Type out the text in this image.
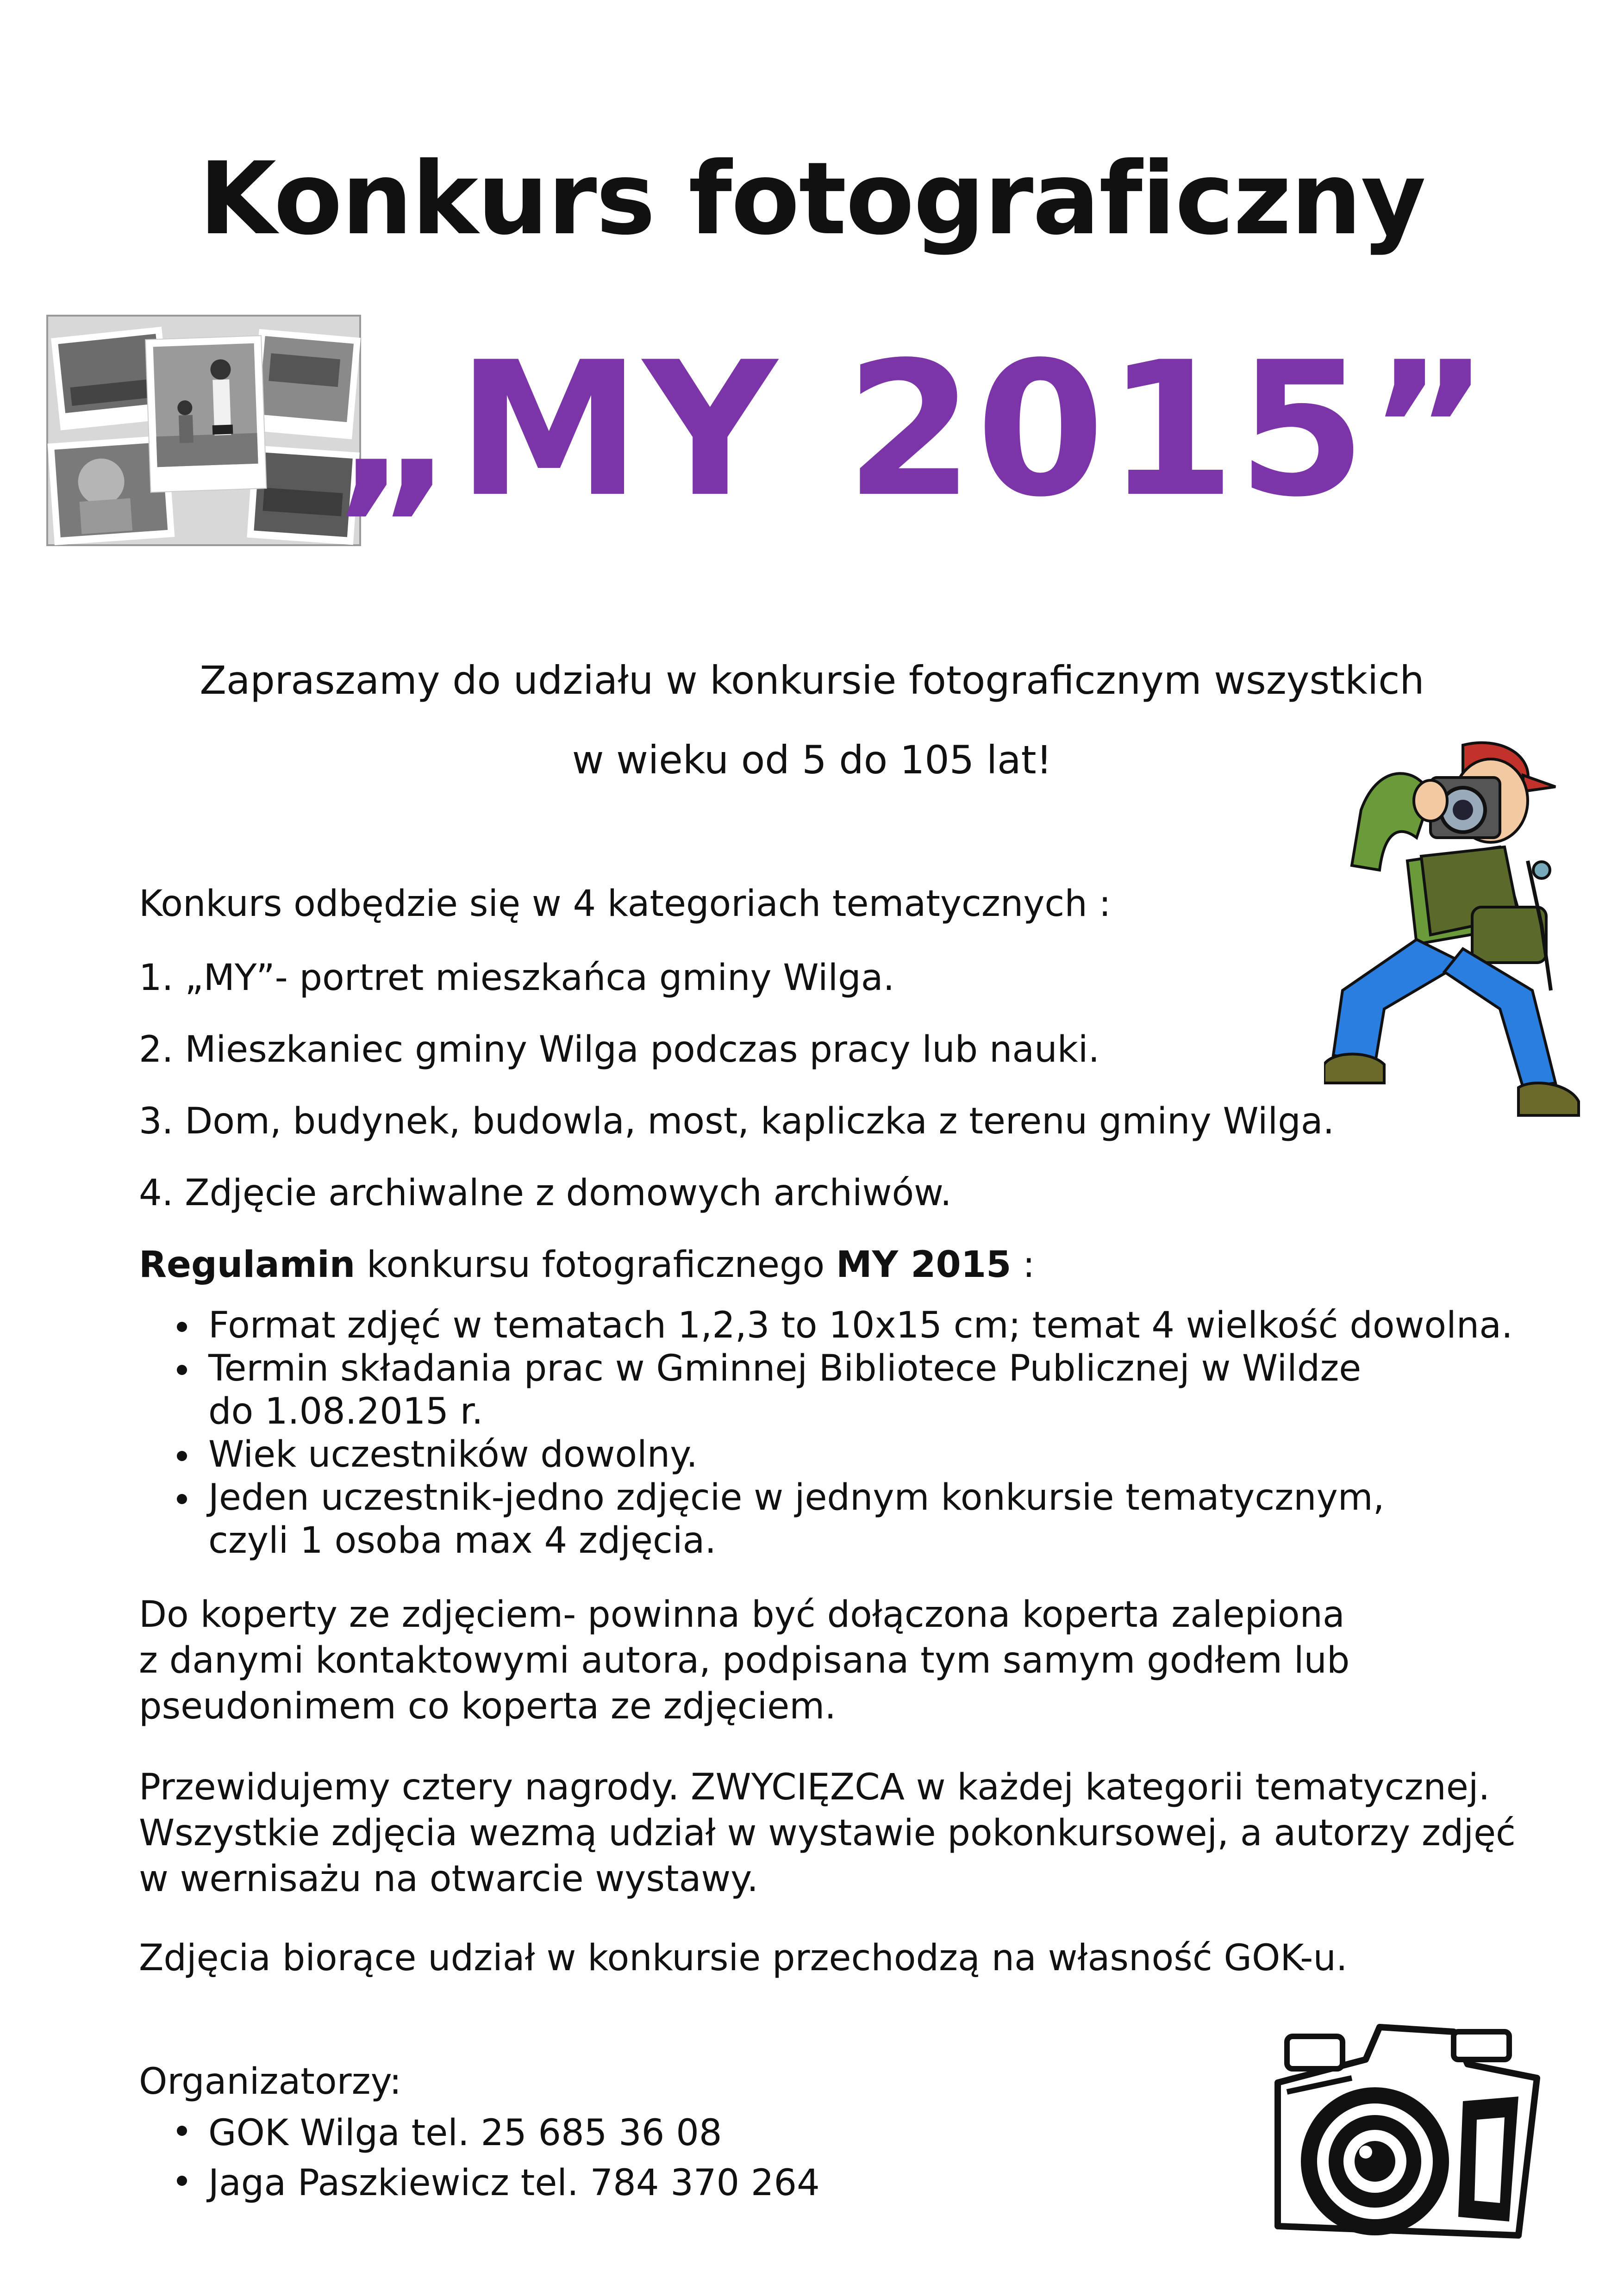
Konkurs fotograficzny
„MY 2015”
Zapraszamy do udziału w konkursie fotograficznym wszystkich
w wieku od 5 do 105 lat!
Konkurs odbędzie się w 4 kategoriach tematycznych :
1. „MY”- portret mieszkańca gminy Wilga.
2. Mieszkaniec gminy Wilga podczas pracy lub nauki.
3. Dom, budynek, budowla, most, kapliczka z terenu gminy Wilga.
4. Zdjęcie archiwalne z domowych archiwów.
Regulamin konkursu fotograficznego MY 2015 :
Format zdjęć w tematach 1,2,3 to 10x15 cm; temat 4 wielkość dowolna.
Termin składania prac w Gminnej Bibliotece Publicznej w Wildze
do 1.08.2015 r.
Wiek uczestników dowolny.
Jeden uczestnik-jedno zdjęcie w jednym konkursie tematycznym,
czyli 1 osoba max 4 zdjęcia.
Do koperty ze zdjęciem- powinna być dołączona koperta zalepiona
z danymi kontaktowymi autora, podpisana tym samym godłem lub
pseudonimem co koperta ze zdjęciem.
Przewidujemy cztery nagrody. ZWYCIĘZCA w każdej kategorii tematycznej.
Wszystkie zdjęcia wezmą udział w wystawie pokonkursowej, a autorzy zdjęć
w wernisażu na otwarcie wystawy.
Zdjęcia biorące udział w konkursie przechodzą na własność GOK-u.
Organizatorzy:
GOK Wilga tel. 25 685 36 08
Jaga Paszkiewicz tel. 784 370 264
